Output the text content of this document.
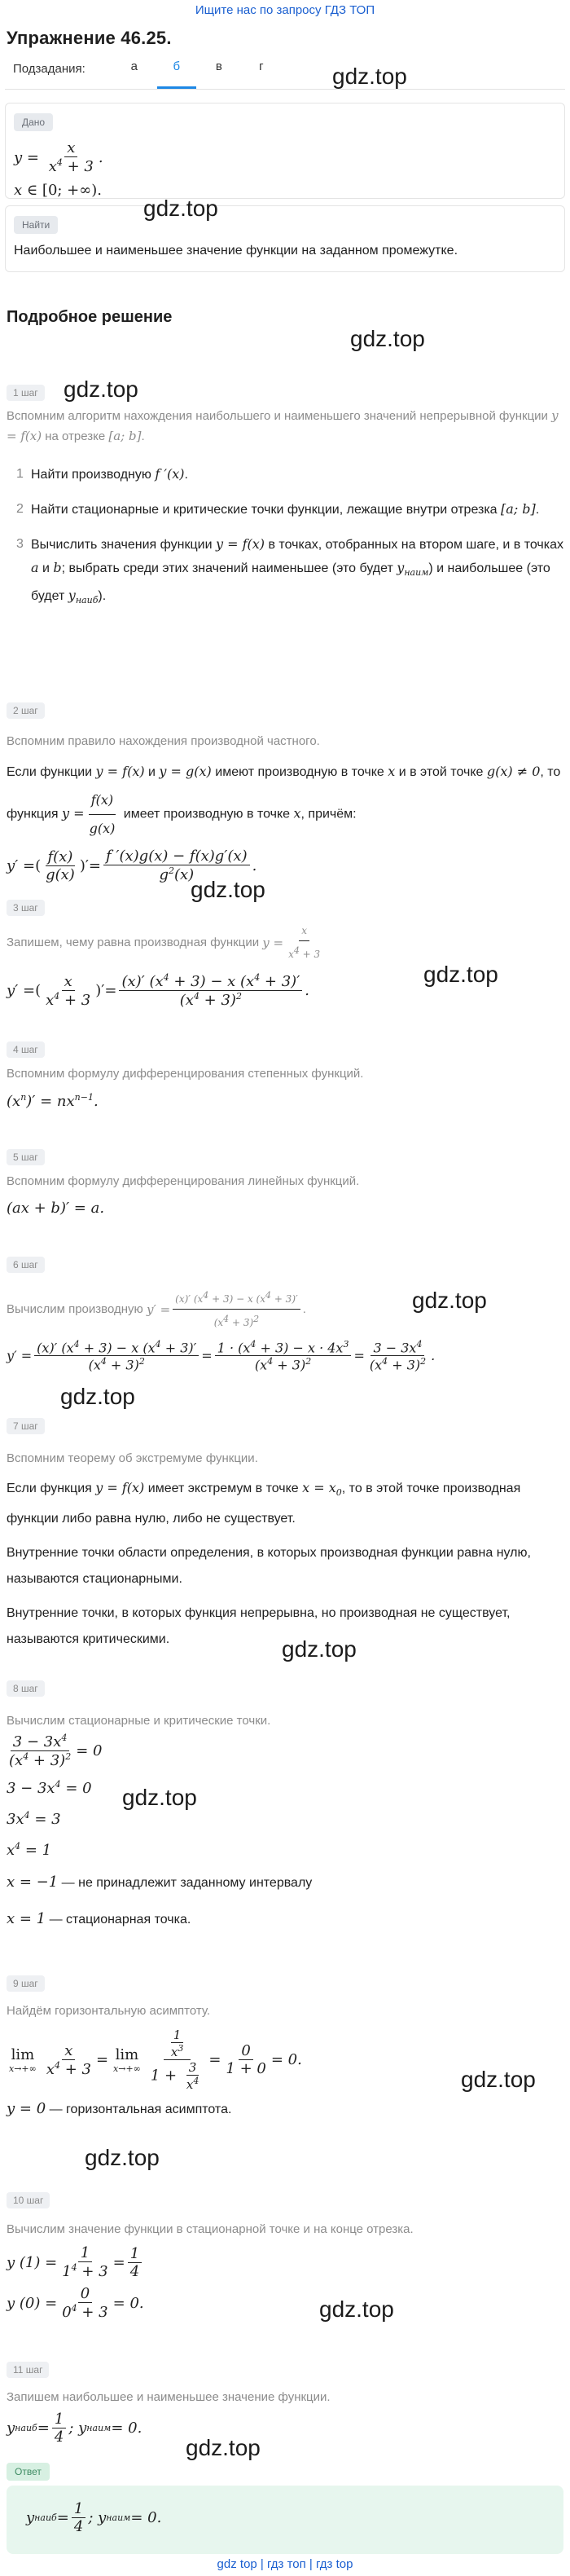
Ищите нас по запросу ГДЗ ТОП
Упражнение 46.25.
Подзадания:	а	б	в	г
Дано
$y = \frac{x}{x^4 + 3}$ .
x ∈ [0; +∞).
Найти
Наибольшее и наименьшее значение функции на заданном промежутке.
Подробное решение
1 шаг
Вспомним алгоритм нахождения наибольшего и наименьшего значений непрерывной функции y = f(x) на отрезке [a; b].
1 Найти производную f ′(x).
2 Найти стационарные и критические точки функции, лежащие внутри отрезка [a; b].
3 Вычислить значения функции y = f(x) в точках, отобранных на втором шаге, и в точках a и b; выбрать среди этих значений наименьшее (это будет $y_{наим}$) и наибольшее (это будет $y_{наиб}$).
2 шаг
Вспомним правило нахождения производной частного.
Если функции y = f(x) и y = g(x) имеют производную в точке x и в этой точке g(x) ≠ 0, то функция $y = \frac{f(x)}{g(x)}$ имеет производную в точке x, причём:
y′ = ( $\frac{f(x)}{g(x)}$ )′ = $\frac{f '(x)g(x) - f(x)g'(x)}{g^2(x)}$ .
3 шаг
Запишем, чему равна производная функции
$y = \frac{x}{x^4 + 3}$
y′ = ( $\frac{x}{x^4 + 3}$ )′ = $\frac{(x)' (x^4 + 3) - x (x^4 + 3)'}{(x^4 + 3)^2}$ .
4 шаг
Вспомним формулу дифференцирования степенных функций.
$(x^n)' = nx^{n-1}$.
5 шаг
Вспомним формулу дифференцирования линейных функций.
(ax + b)′ = a.
6 шаг
Вычислим производную
$y' = \frac{(x)' (x^4 + 3) - x (x^4 + 3)'}{(x^4 + 3)^2}$ .
$y' = \frac{(x)' (x^4 + 3) - x (x^4 + 3)'}{(x^4 + 3)^2} = \frac{1 \cdot (x^4 + 3) - x \cdot 4x^3}{(x^4 + 3)^2} = \frac{3 - 3x^4}{(x^4 + 3)^2}$ .
7 шаг
Вспомним теорему об экстремуме функции.
Если функция y = f(x) имеет экстремум в точке $x = x_0$, то в этой точке производная функции либо равна нулю, либо не существует.
Внутренние точки области определения, в которых производная функции равна нулю, называются стационарными.
Внутренние точки, в которых функция непрерывна, но производная не существует, называются критическими.
8 шаг
Вычислим стационарные и критические точки.
$\frac{3 - 3x^4}{(x^4 + 3)^2} = 0$
$3 - 3x^4 = 0$
$3x^4 = 3$
$x^4 = 1$
x = −1 — не принадлежит заданному интервалу
x = 1 — стационарная точка.
9 шаг
Найдём горизонтальную асимптоту.
lim
$x\to+\infty \frac{x}{x^4 + 3} = \lim$
$x\to+\infty \frac{\frac{1}{x^3}}{1 + \frac{3}{x^4}} = \frac{0}{1 + 0} = 0$.
y = 0 — горизонтальная асимптота.
10 шаг
Вычислим значение функции в стационарной точке и на конце отрезка.
y $(1) = \frac{1}{1^4 + 3} = \frac{1}{4}$
y $(0) = \frac{0}{0^4 + 3} = 0$.
11 шаг
Запишем наибольшее и наименьшее значение функции.
y наиб = $\frac{1}{4}$ ; y наим = 0.
Ответ
y наиб = $\frac{1}{4}$ ; y наим = 0.
gdz top | гдз топ | гдз top
gdz.top
gdz.top
gdz.top
gdz.top
gdz.top
gdz.top
gdz.top
gdz.top
gdz.top
gdz.top
gdz.top
gdz.top
gdz.top
gdz.top
